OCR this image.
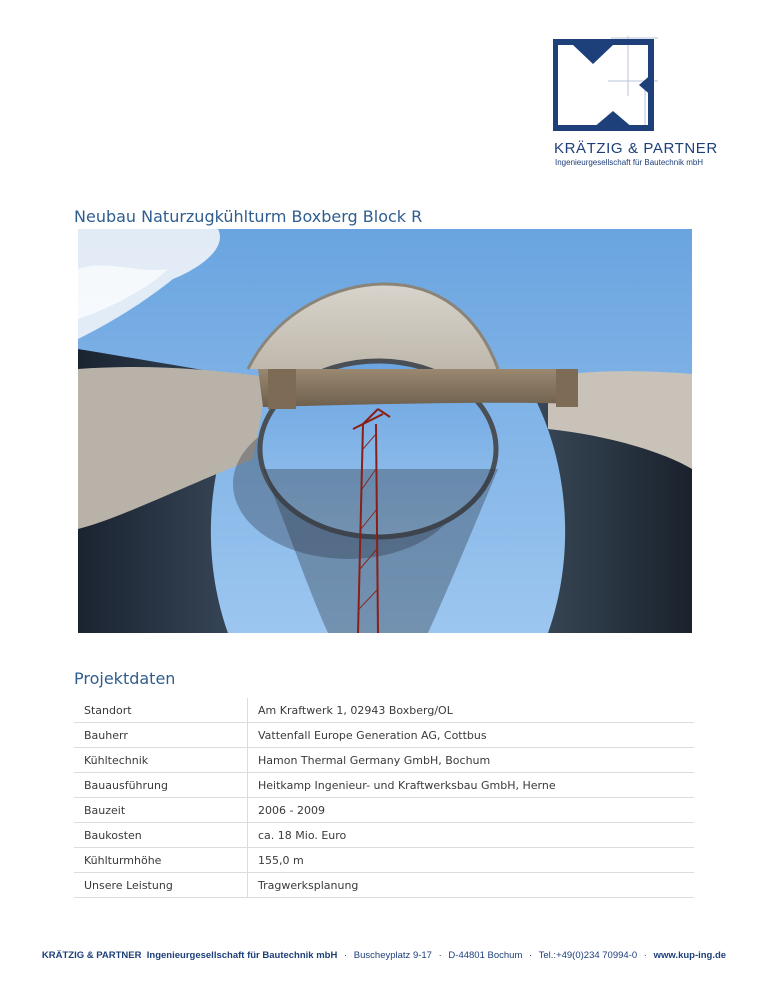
KRÄTZIG & PARTNER
Ingenieurgesellschaft für Bautechnik mbH
Neubau Naturzugkühlturm Boxberg Block R
Projektdaten
Standort	Am Kraftwerk 1, 02943 Boxberg/OL
Bauherr	Vattenfall Europe Generation AG, Cottbus
Kühltechnik	Hamon Thermal Germany GmbH, Bochum
Bauausführung	Heitkamp Ingenieur- und Kraftwerksbau GmbH, Herne
Bauzeit	2006 - 2009
Baukosten	ca. 18 Mio. Euro
Kühlturmhöhe	155,0 m
Unsere Leistung	Tragwerksplanung
KRÄTZIG & PARTNER Ingenieurgesellschaft für Bautechnik mbH · Buscheyplatz 9-17 · D-44801 Bochum · Tel.:+49(0)234 70994-0 · www.kup-ing.de
